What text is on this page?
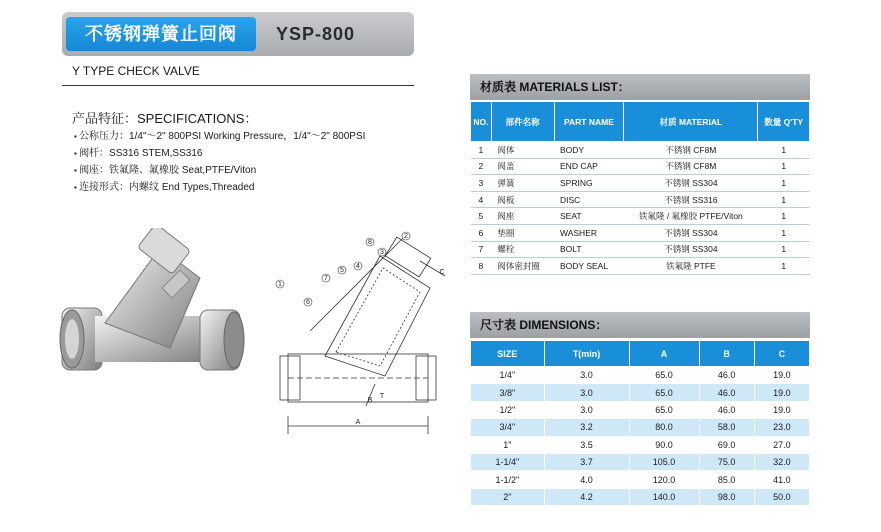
不锈钢弹簧止回阀	YSP-800
Y TYPE CHECK VALVE
产品特征：SPECIFICATIONS：
▪ 公称压力：1/4"～2" 800PSI Working Pressure，1/4"～2" 800PSI
▪ 阀杆：SS316 STEM,SS316
▪ 阀座：铁氟隆、氟橡胶 Seat,PTFE/Viton
▪ 连接形式：内螺纹 End Types,Threaded
1
2
3
4
5
6
7
8
A
B
C
T
材质表 MATERIALS LIST：
NO.	部件名称	PART NAME	材质 MATERIAL	数量 Q'TY
1	阀体	BODY	不锈钢 CF8M	1
2	阀盖	END CAP	不锈钢 CF8M	1
3	弹簧	SPRING	不锈钢 SS304	1
4	阀板	DISC	不锈钢 SS316	1
5	阀座	SEAT	铁氟隆 / 氟橡胶 PTFE/Viton	1
6	垫圈	WASHER	不锈钢 SS304	1
7	螺栓	BOLT	不锈钢 SS304	1
8	阀体密封圈	BODY SEAL	铁氟隆 PTFE	1
尺寸表 DIMENSIONS：
SIZE	T(min)	A	B	C
1/4"	3.0	65.0	46.0	19.0
3/8"	3.0	65.0	46.0	19.0
1/2"	3.0	65.0	46.0	19.0
3/4"	3.2	80.0	58.0	23.0
1"	3.5	90.0	69.0	27.0
1-1/4"	3.7	105.0	75.0	32.0
1-1/2"	4.0	120.0	85.0	41.0
2"	4.2	140.0	98.0	50.0
